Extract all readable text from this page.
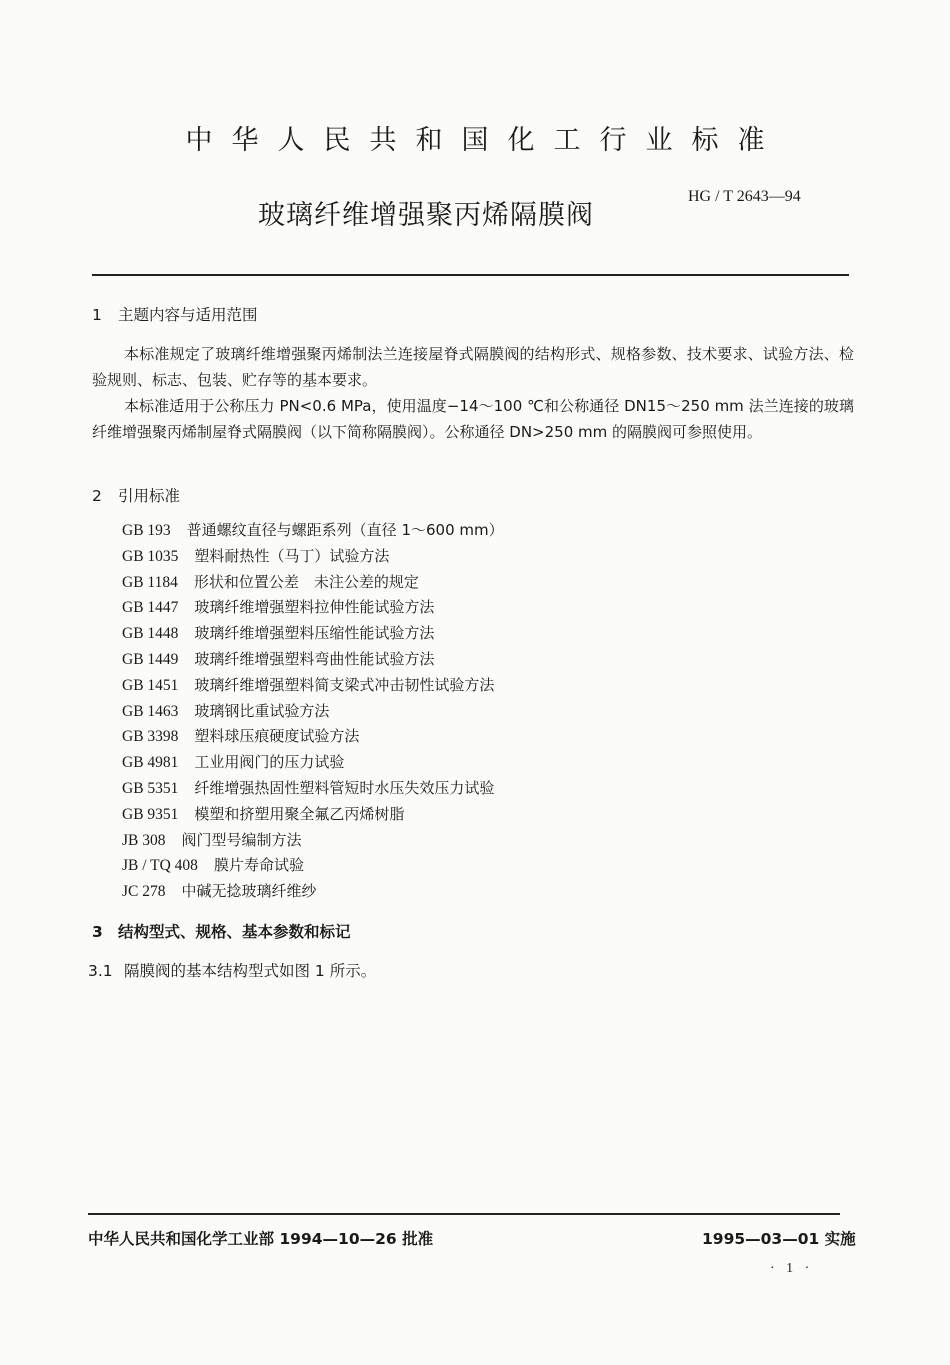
中华人民共和国化工行业标准
玻璃纤维增强聚丙烯隔膜阀
HG / T 2643—94
1 主题内容与适用范围
本标准规定了玻璃纤维增强聚丙烯制法兰连接屋脊式隔膜阀的结构形式、规格参数、技术要求、试验方法、检验规则、标志、包装、贮存等的基本要求。
本标准适用于公称压力 PN<0.6 MPa，使用温度−14～100 ℃和公称通径 DN15～250 mm 法兰连接的玻璃纤维增强聚丙烯制屋脊式隔膜阀（以下简称隔膜阀）。公称通径 DN>250 mm 的隔膜阀可参照使用。
2 引用标准
GB 193 普通螺纹直径与螺距系列（直径 1～600 mm）
GB 1035 塑料耐热性（马丁）试验方法
GB 1184 形状和位置公差　未注公差的规定
GB 1447 玻璃纤维增强塑料拉伸性能试验方法
GB 1448 玻璃纤维增强塑料压缩性能试验方法
GB 1449 玻璃纤维增强塑料弯曲性能试验方法
GB 1451 玻璃纤维增强塑料简支梁式冲击韧性试验方法
GB 1463 玻璃钢比重试验方法
GB 3398 塑料球压痕硬度试验方法
GB 4981 工业用阀门的压力试验
GB 5351 纤维增强热固性塑料管短时水压失效压力试验
GB 9351 模塑和挤塑用聚全氟乙丙烯树脂
JB 308 阀门型号编制方法
JB / TQ 408 膜片寿命试验
JC 278 中碱无捻玻璃纤维纱
3 结构型式、规格、基本参数和标记
3.1 隔膜阀的基本结构型式如图 1 所示。
中华人民共和国化学工业部 1994—10—26 批准	1995—03—01 实施
· 1 ·
